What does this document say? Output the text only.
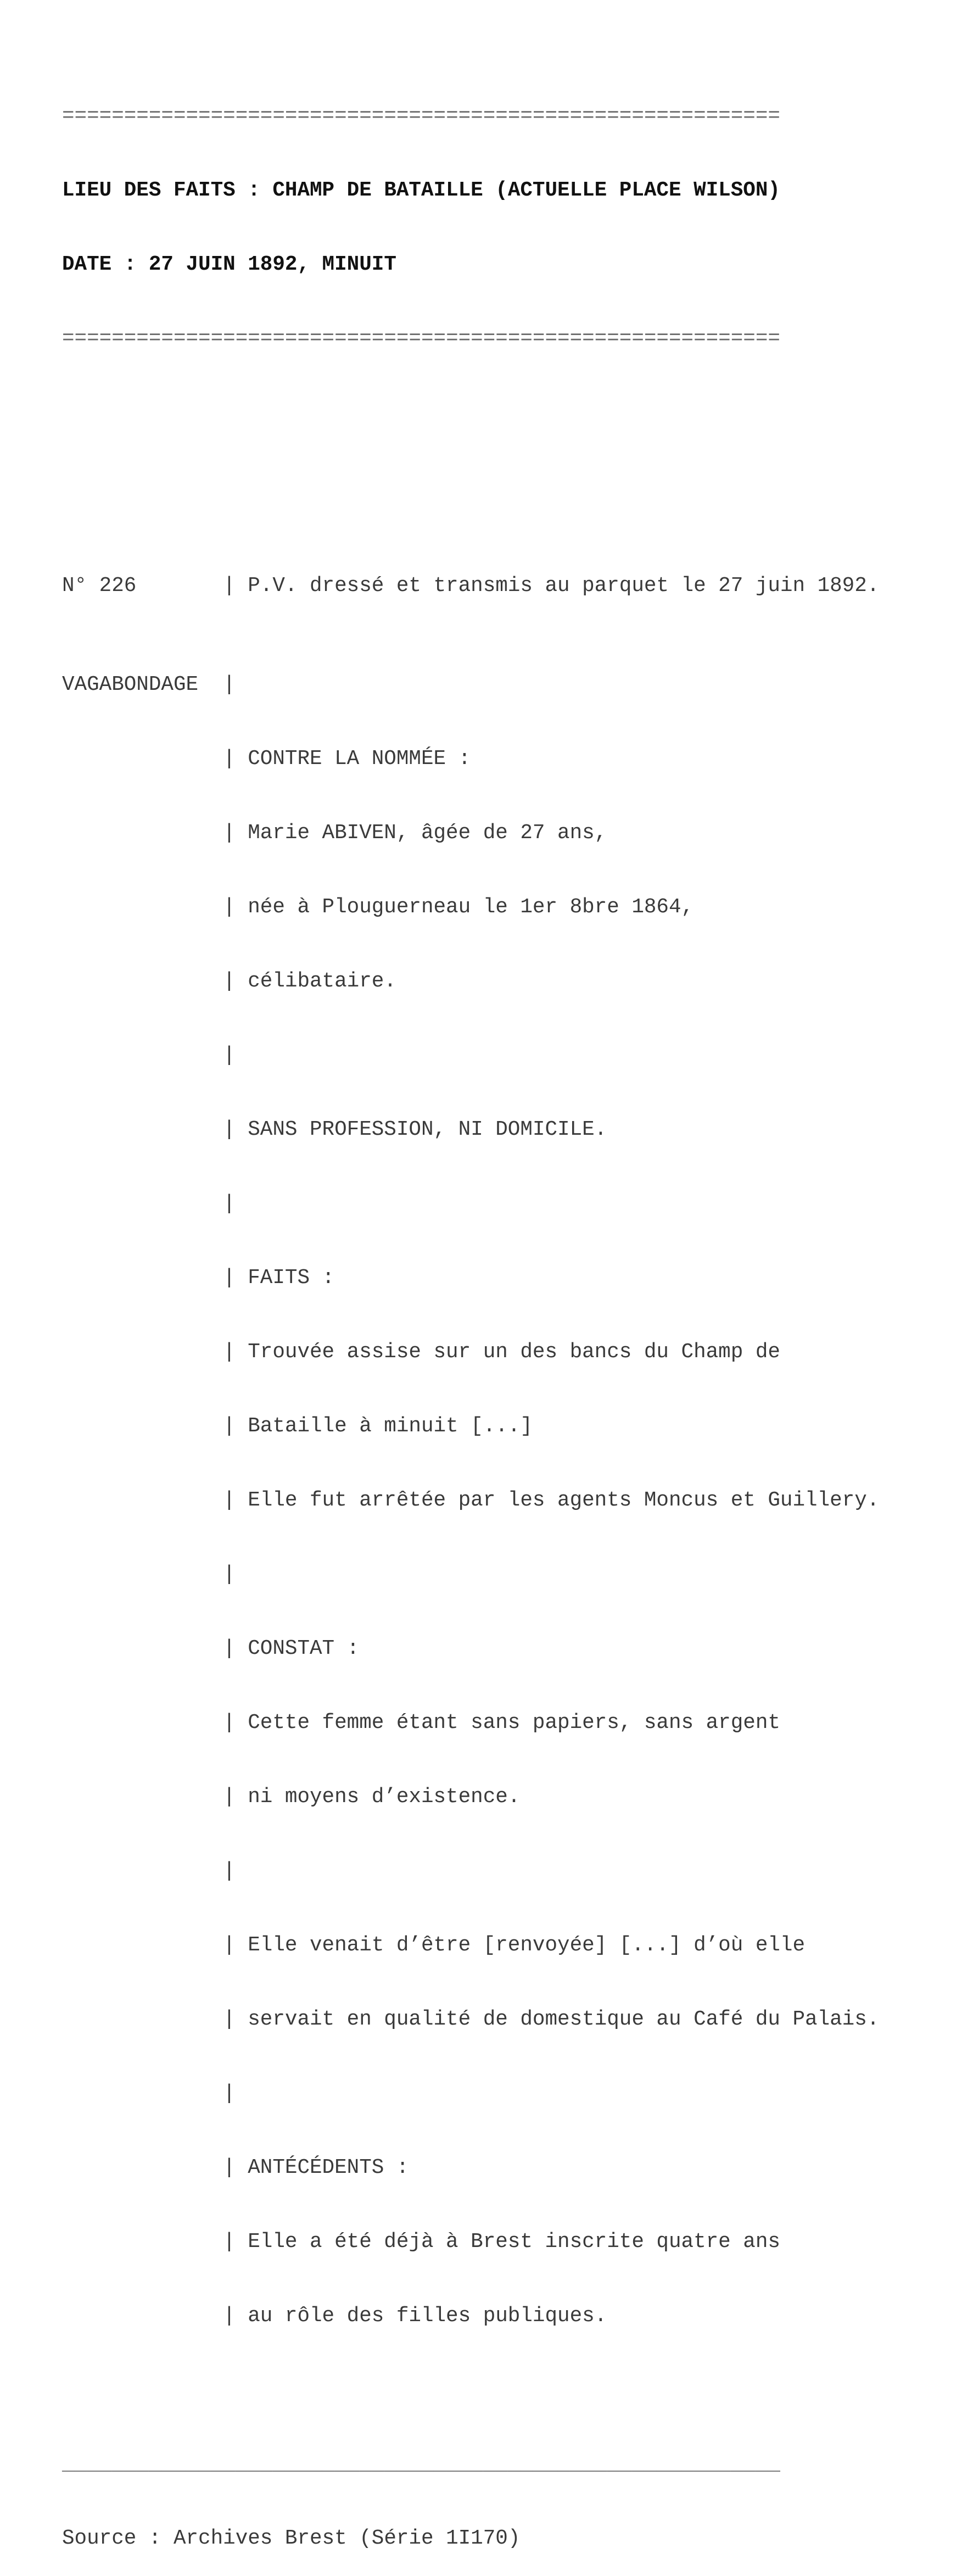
==========================================================

LIEU DES FAITS : CHAMP DE BATAILLE (ACTUELLE PLACE WILSON)

DATE : 27 JUIN 1892, MINUIT

==========================================================

N° 226	| P.V. dressé et transmis au parquet le 27 juin 1892.

VAGABONDAGE |

| CONTRE LA NOMMÉE :

| Marie ABIVEN, âgée de 27 ans,

| née à Plouguerneau le 1er 8bre 1864,

| célibataire.

|

| SANS PROFESSION, NI DOMICILE.

|

| FAITS :

| Trouvée assise sur un des bancs du Champ de

| Bataille à minuit [...]

| Elle fut arrêtée par les agents Moncus et Guillery.

|

| CONSTAT :

| Cette femme étant sans papiers, sans argent

| ni moyens d’existence.

|

| Elle venait d’être [renvoyée] [...] d’où elle

| servait en qualité de domestique au Café du Palais.

|

| ANTÉCÉDENTS :

| Elle a été déjà à Brest inscrite quatre ans

| au rôle des filles publiques.

__________________________________________________________

Source : Archives Brest (Série 1I170)
